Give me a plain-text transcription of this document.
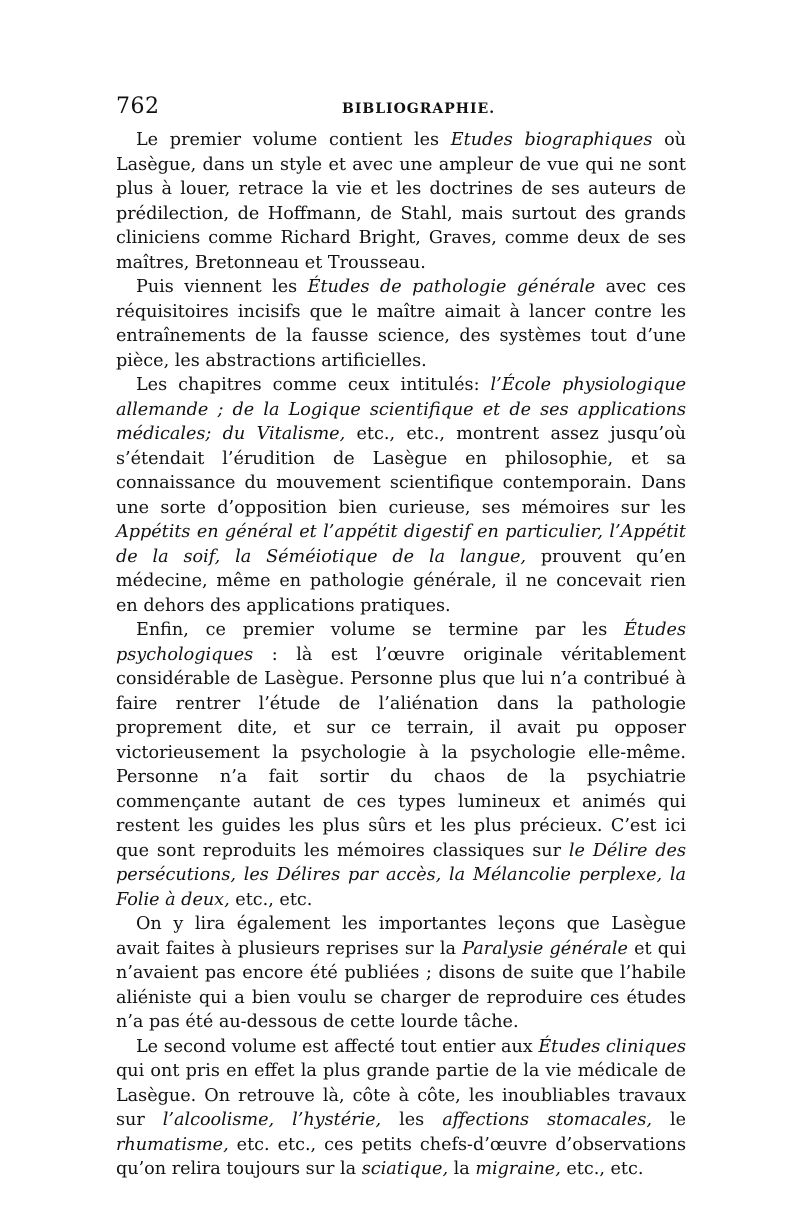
762	BIBLIOGRAPHIE.

Le premier volume contient les Etudes biographiques où Lasègue, dans un style et avec une ampleur de vue qui ne sont plus à louer, retrace la vie et les doctrines de ses auteurs de prédilection, de Hoffmann, de Stahl, mais surtout des grands cliniciens comme Richard Bright, Graves, comme deux de ses maîtres, Bretonneau et Trousseau.

Puis viennent les Études de pathologie générale avec ces réquisitoires incisifs que le maître aimait à lancer contre les entraînements de la fausse science, des systèmes tout d’une pièce, les abstractions artificielles.

Les chapitres comme ceux intitulés: l’École physiologique allemande ; de la Logique scientifique et de ses applications médicales; du Vitalisme, etc., etc., montrent assez jusqu’où s’étendait l’érudition de Lasègue en philosophie, et sa connaissance du mouvement scientifique contemporain. Dans une sorte d’opposition bien curieuse, ses mémoires sur les Appétits en général et l’appétit digestif en particulier, l’Appétit de la soif, la Séméiotique de la langue, prouvent qu’en médecine, même en pathologie générale, il ne concevait rien en dehors des applications pratiques.

Enfin, ce premier volume se termine par les Études psychologiques : là est l’œuvre originale véritablement considérable de Lasègue. Personne plus que lui n’a contribué à faire rentrer l’étude de l’aliénation dans la pathologie proprement dite, et sur ce terrain, il avait pu opposer victorieusement la psychologie à la psychologie elle-même. Personne n’a fait sortir du chaos de la psychiatrie commençante autant de ces types lumineux et animés qui restent les guides les plus sûrs et les plus précieux. C’est ici que sont reproduits les mémoires classiques sur le Délire des persécutions, les Délires par accès, la Mélancolie perplexe, la Folie à deux, etc., etc.

On y lira également les importantes leçons que Lasègue avait faites à plusieurs reprises sur la Paralysie générale et qui n’avaient pas encore été publiées ; disons de suite que l’habile aliéniste qui a bien voulu se charger de reproduire ces études n’a pas été au-dessous de cette lourde tâche.

Le second volume est affecté tout entier aux Études cliniques qui ont pris en effet la plus grande partie de la vie médicale de Lasègue. On retrouve là, côte à côte, les inoubliables travaux sur l’alcoolisme, l’hystérie, les affections stomacales, le rhumatisme, etc. etc., ces petits chefs-d’œuvre d’observations qu’on relira toujours sur la sciatique, la migraine, etc., etc.
